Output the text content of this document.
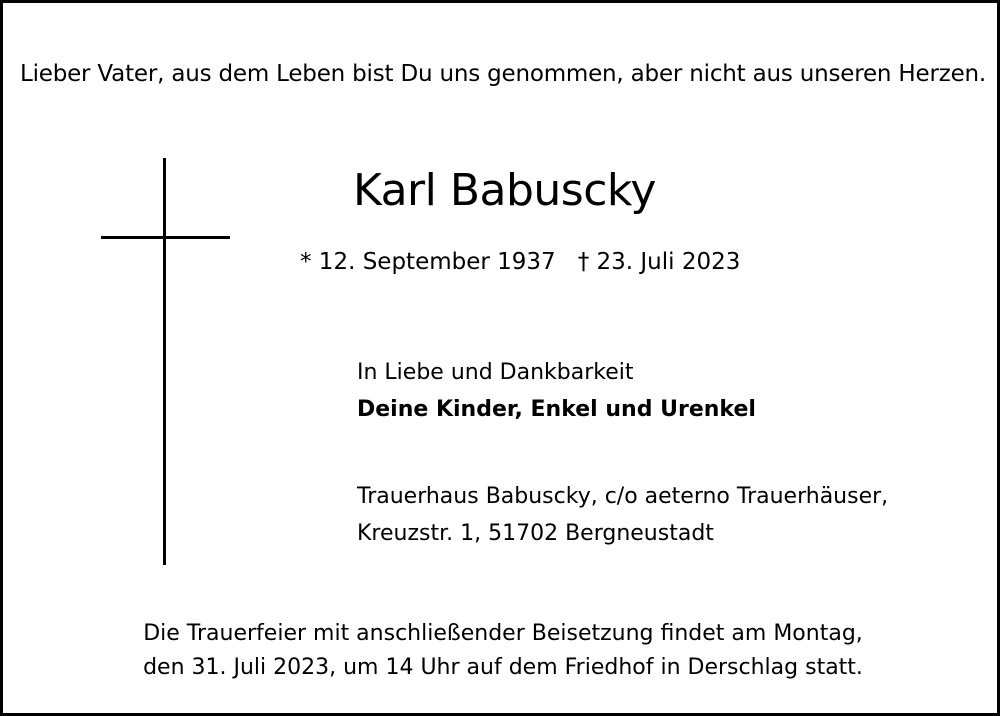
Lieber Vater, aus dem Leben bist Du uns genommen, aber nicht aus unseren Herzen.
Karl Babuscky
* 12. September 1937 † 23. Juli 2023
In Liebe und Dankbarkeit
Deine Kinder, Enkel und Urenkel
Trauerhaus Babuscky, c/o aeterno Trauerhäuser,
Kreuzstr. 1, 51702 Bergneustadt
Die Trauerfeier mit anschließender Beisetzung findet am Montag,
den 31. Juli 2023, um 14 Uhr auf dem Friedhof in Derschlag statt.
